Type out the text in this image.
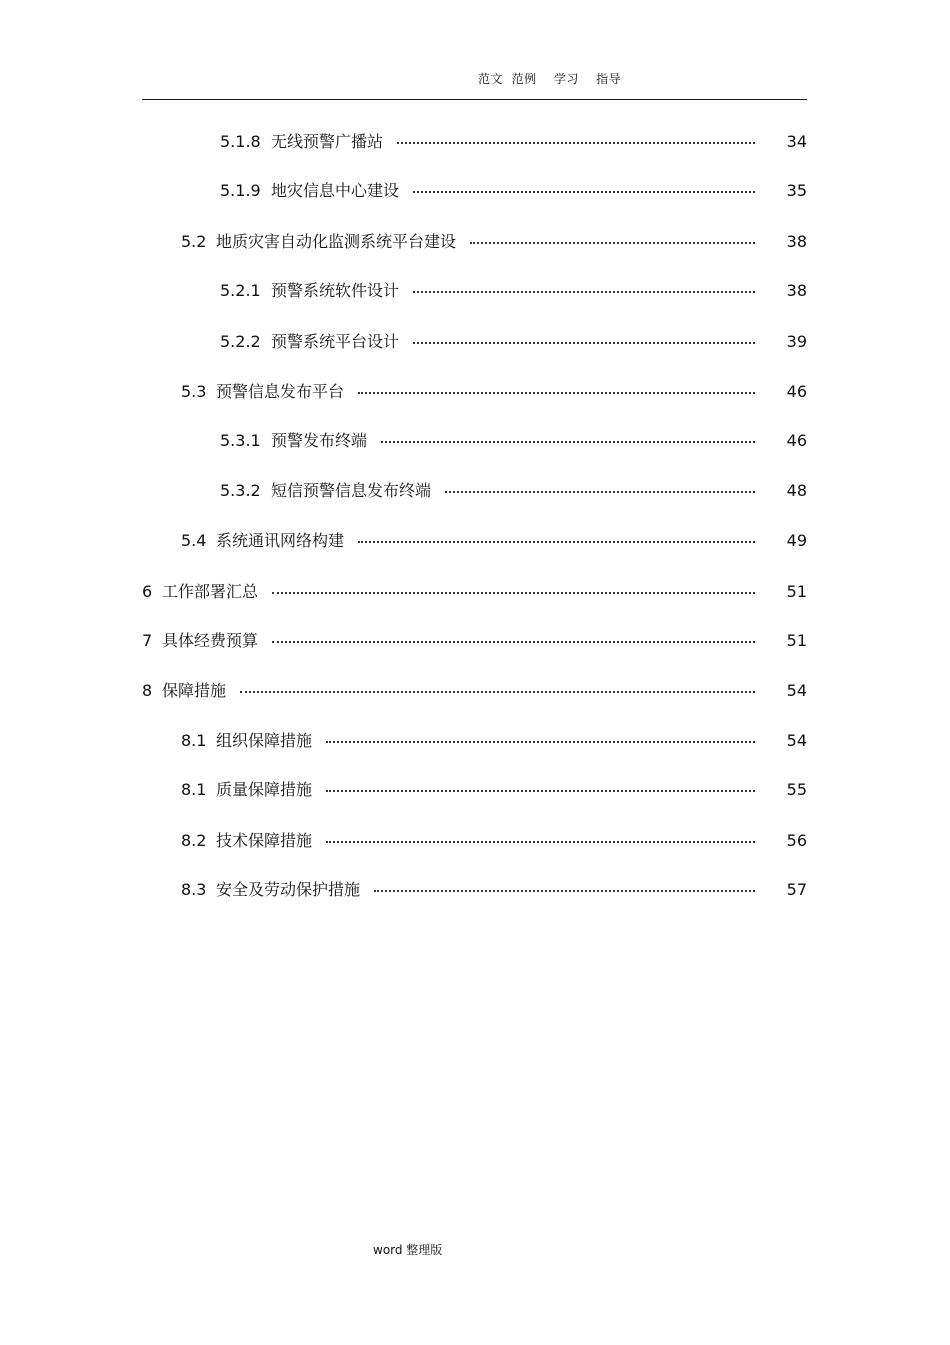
范文  范例    学习    指导
5.1.8 无线预警广播站	34
5.1.9 地灾信息中心建设	35
5.2 地质灾害自动化监测系统平台建设	38
5.2.1 预警系统软件设计	38
5.2.2 预警系统平台设计	39
5.3 预警信息发布平台	46
5.3.1 预警发布终端	46
5.3.2 短信预警信息发布终端	48
5.4 系统通讯网络构建	49
6 工作部署汇总	51
7 具体经费预算	51
8 保障措施	54
8.1 组织保障措施	54
8.1 质量保障措施	55
8.2 技术保障措施	56
8.3 安全及劳动保护措施	57
word 整理版
